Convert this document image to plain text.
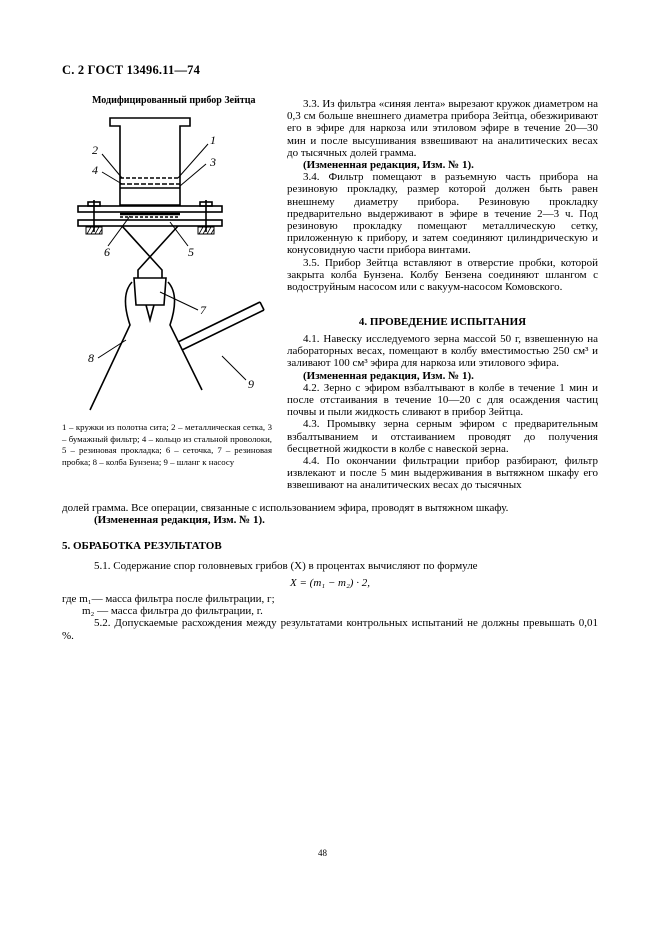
С. 2 ГОСТ 13496.11—74
Модифицированный прибор Зейтца
1
2
3
4
5
6
7
8
9
1 – кружки из полотна сита; 2 – металлическая сетка, 3 – бумажный фильтр; 4 – кольцо из стальной проволоки, 5 – резиновая прокладка; 6 – сеточка, 7 – резиновая пробка; 8 – колба Бунзена; 9 – шланг к насосу

3.3. Из фильтра «синяя лента» вырезают кружок диаметром на 0,3 см больше внешнего диаметра прибора Зейтца, обезжиривают его в эфире для наркоза или этиловом эфире в течение 20—30 мин и после высушивания взвешивают на аналитических весах до тысячных долей грамма.

(Измененная редакция, Изм. № 1).

3.4. Фильтр помещают в разъемную часть прибора на резиновую прокладку, размер которой должен быть равен внешнему диаметру прибора. Резиновую прокладку предварительно выдерживают в эфире в течение 2—3 ч. Под резиновую прокладку помещают металлическую сетку, приложенную к прибору, и затем соединяют цилиндрическую и конусовидную части прибора винтами.

3.5. Прибор Зейтца вставляют в отверстие пробки, которой закрыта колба Бунзена. Колбу Бензена соединяют шлангом с водоструйным насосом или с вакуум-насосом Комовского.

4. ПРОВЕДЕНИЕ ИСПЫТАНИЯ

4.1. Навеску исследуемого зерна массой 50 г, взвешенную на лабораторных весах, помещают в колбу вместимостью 250 см³ и заливают 100 см³ эфира для наркоза или этилового эфира.

(Измененная редакция, Изм. № 1).

4.2. Зерно с эфиром взбалтывают в колбе в течение 1 мин и после отстаивания в течение 10—20 с для осаждения частиц почвы и пыли жидкость сливают в прибор Зейтца.

4.3. Промывку зерна серным эфиром с предварительным взбалтыванием и отстаиванием проводят до получения бесцветной жидкости в колбе с навеской зерна.

4.4. По окончании фильтрации прибор разбирают, фильтр извлекают и после 5 мин выдерживания в вытяжном шкафу его взвешивают на аналитических весах до тысячных

долей грамма. Все операции, связанные с использованием эфира, проводят в вытяжном шкафу.

(Измененная редакция, Изм. № 1).

5. ОБРАБОТКА РЕЗУЛЬТАТОВ

5.1. Содержание спор головневых грибов (X) в процентах вычисляют по формуле

X = (m₁ − m₂) · 2,

где m₁— масса фильтра после фильтрации, г;

m₂ — масса фильтра до фильтрации, г.

5.2. Допускаемые расхождения между результатами контрольных испытаний не должны превышать 0,01 %.

48
